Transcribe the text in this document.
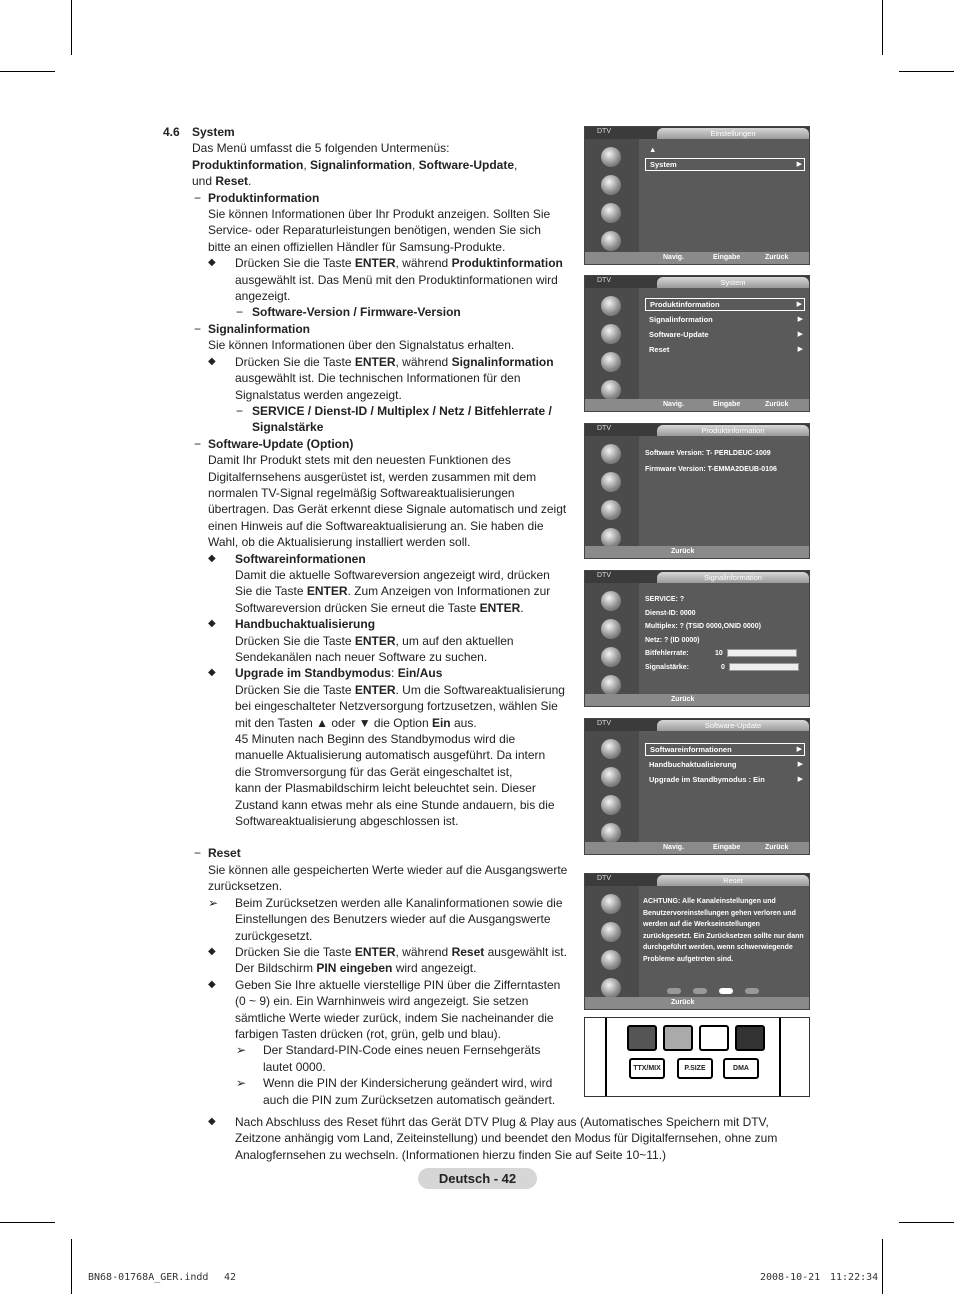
4.6 System
Das Menü umfasst die 5 folgenden Untermenüs:
Produktinformation, Signalinformation, Software-Update,
und Reset.
− Produktinformation
Sie können Informationen über Ihr Produkt anzeigen. Sollten Sie
Service- oder Reparaturleistungen benötigen, wenden Sie sich
bitte an einen offiziellen Händler für Samsung-Produkte.
◆ Drücken Sie die Taste ENTER, während Produktinformation
ausgewählt ist. Das Menü mit den Produktinformationen wird
angezeigt.
− Software-Version / Firmware-Version
− Signalinformation
Sie können Informationen über den Signalstatus erhalten.
◆ Drücken Sie die Taste ENTER, während Signalinformation
ausgewählt ist. Die technischen Informationen für den
Signalstatus werden angezeigt.
− SERVICE / Dienst-ID / Multiplex / Netz / Bitfehlerrate /
Signalstärke
− Software-Update (Option)
Damit Ihr Produkt stets mit den neuesten Funktionen des
Digitalfernsehens ausgerüstet ist, werden zusammen mit dem
normalen TV-Signal regelmäßig Softwareaktualisierungen
übertragen. Das Gerät erkennt diese Signale automatisch und zeigt
einen Hinweis auf die Softwareaktualisierung an. Sie haben die
Wahl, ob die Aktualisierung installiert werden soll.
◆ Softwareinformationen
Damit die aktuelle Softwareversion angezeigt wird, drücken
Sie die Taste ENTER. Zum Anzeigen von Informationen zur
Softwareversion drücken Sie erneut die Taste ENTER.
◆ Handbuchaktualisierung
Drücken Sie die Taste ENTER, um auf den aktuellen
Sendekanälen nach neuer Software zu suchen.
◆ Upgrade im Standbymodus: Ein/Aus
Drücken Sie die Taste ENTER. Um die Softwareaktualisierung
bei eingeschalteter Netzversorgung fortzusetzen, wählen Sie
mit den Tasten ▲ oder ▼ die Option Ein aus.
45 Minuten nach Beginn des Standbymodus wird die
manuelle Aktualisierung automatisch ausgeführt. Da intern
die Stromversorgung für das Gerät eingeschaltet ist,
kann der Plasmabildschirm leicht beleuchtet sein. Dieser
Zustand kann etwas mehr als eine Stunde andauern, bis die
Softwareaktualisierung abgeschlossen ist.
− Reset
Sie können alle gespeicherten Werte wieder auf die Ausgangswerte
zurücksetzen.
➢ Beim Zurücksetzen werden alle Kanalinformationen sowie die
Einstellungen des Benutzers wieder auf die Ausgangswerte
zurückgesetzt.
◆ Drücken Sie die Taste ENTER, während Reset ausgewählt ist.
Der Bildschirm PIN eingeben wird angezeigt.
◆ Geben Sie Ihre aktuelle vierstellige PIN über die Zifferntasten
(0 ~ 9) ein. Ein Warnhinweis wird angezeigt. Sie setzen
sämtliche Werte wieder zurück, indem Sie nacheinander die
farbigen Tasten drücken (rot, grün, gelb und blau).
➢ Der Standard-PIN-Code eines neuen Fernsehgeräts
lautet 0000.
➢ Wenn die PIN der Kindersicherung geändert wird, wird
auch die PIN zum Zurücksetzen automatisch geändert.
◆ Nach Abschluss des Reset führt das Gerät DTV Plug & Play aus (Automatisches Speichern mit DTV,
Zeitzone anhängig vom Land, Zeiteinstellung) und beendet den Modus für Digitalfernsehen, ohne zum
Analogfernsehen zu wechseln. (Informationen hierzu finden Sie auf Seite 10~11.)
Deutsch - 42
BN68-01768A_GER.indd 42	2008-10-21 11:22:34
DTV	Einstellungen
▲
System	▶
Navig.	Eingabe	Zurück
DTV	System
Produktinformation	▶
Signalinformation	▶
Software-Update	▶
Reset	▶
Navig.	Eingabe	Zurück
DTV	Produktinformation
Software Version: T- PERLDEUC-1009
Firmware Version: T-EMMA2DEUB-0106
Zurück
DTV	Signalinformation
SERVICE: ?
Dienst-ID: 0000
Multiplex: ? (TSID 0000,ONID 0000)
Netz: ? (ID 0000)
Bitfehlerrate:	10
Signalstärke:	0
Zurück
DTV	Software-Update
Softwareinformationen	▶
Handbuchaktualisierung	▶
Upgrade im Standbymodus : Ein	▶
Navig.	Eingabe	Zurück
DTV	Reset
ACHTUNG: Alle Kanaleinstellungen und Benutzervoreinstellungen gehen verloren und werden auf die Werkseinstellungen zurückgesetzt. Ein Zurücksetzen sollte nur dann durchgeführt werden, wenn schwerwiegende Probleme aufgetreten sind.
Zurück
TTX/MIX	P.SIZE	DMA
